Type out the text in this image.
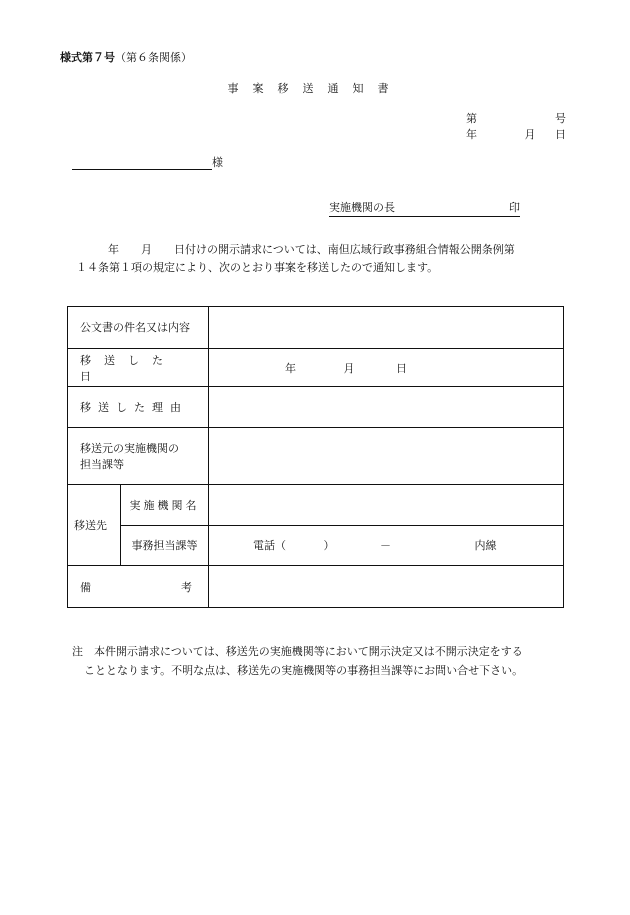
様式第７号（第６条関係）
事案移送通知書
第	号
年	月 日
様
実施機関の長	印

年　　月　　日付けの開示請求については、南但広域行政事務組合情報公開条例第

１４条第１項の規定により、次のとおり事案を移送したので通知します。

公文書の件名又は内容		
移送した日		年 月 日
移送した理由		

移送元の実施機関の
担当課等		

移送先	実施機関名	
	事務担当課等	電話（ ） － 内線

備 考		

注　本件開示請求については、移送先の実施機関等において開示決定又は不開示決定をする

こととなります。不明な点は、移送先の実施機関等の事務担当課等にお問い合せ下さい。
